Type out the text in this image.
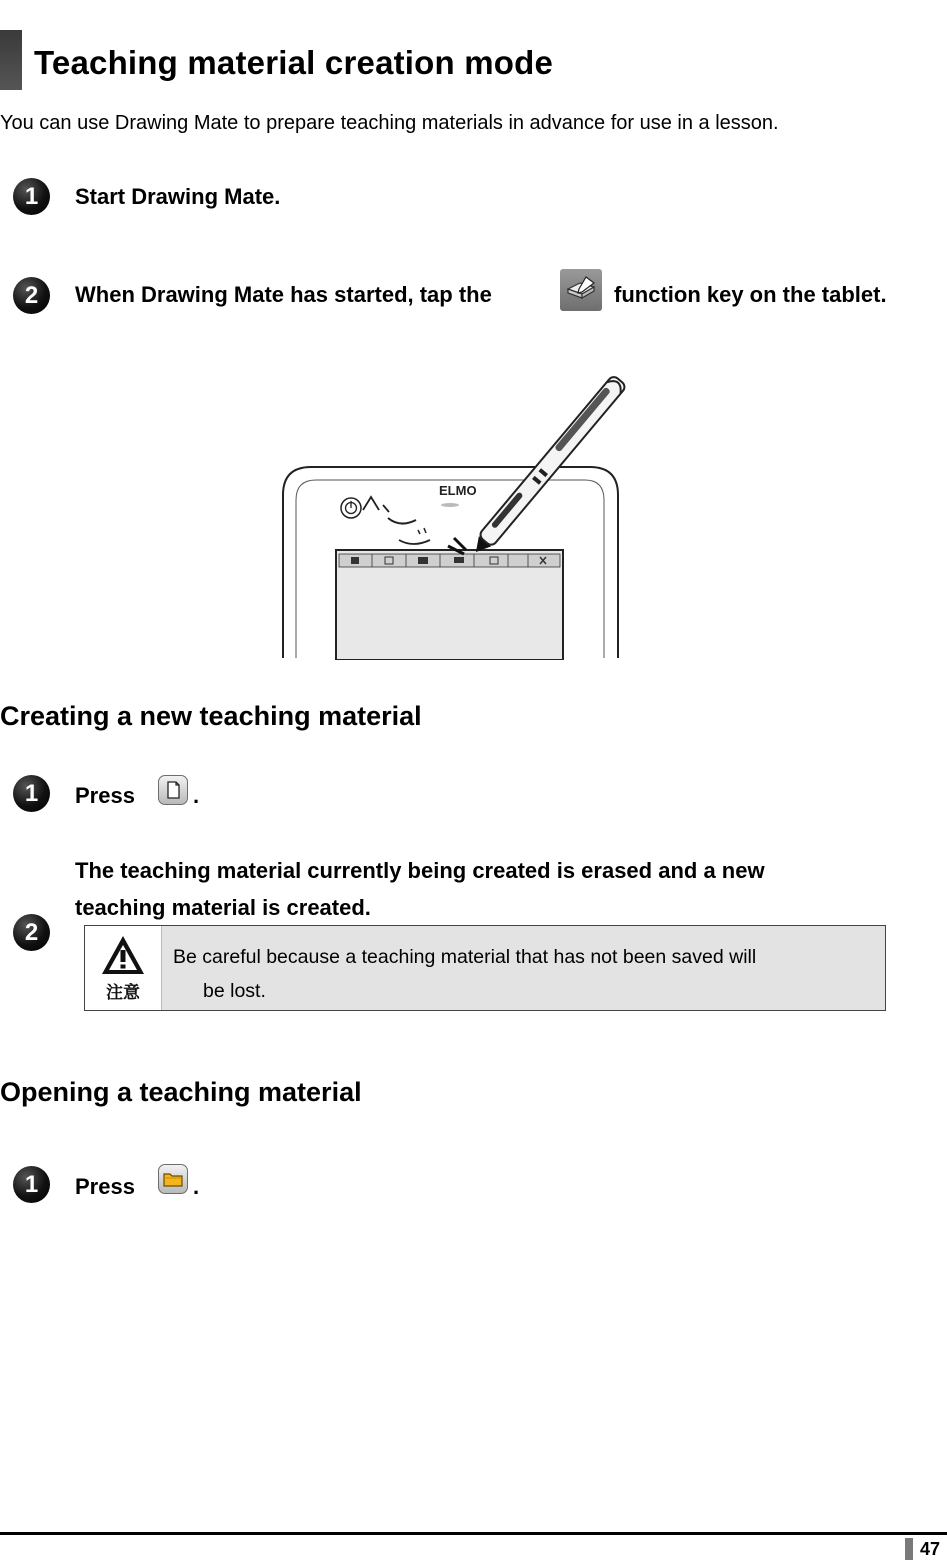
Teaching material creation mode
You can use Drawing Mate to prepare teaching materials in advance for use in a lesson.
1	Start Drawing Mate.
2	When Drawing Mate has started, tap the	function key on the tablet.
ELMO
Creating a new teaching material
1	Press	.
2
The teaching material currently being created is erased and a new
teaching material is created.
注意
Be careful because a teaching material that has not been saved will
be lost.
Opening a teaching material
1	Press	.
47
